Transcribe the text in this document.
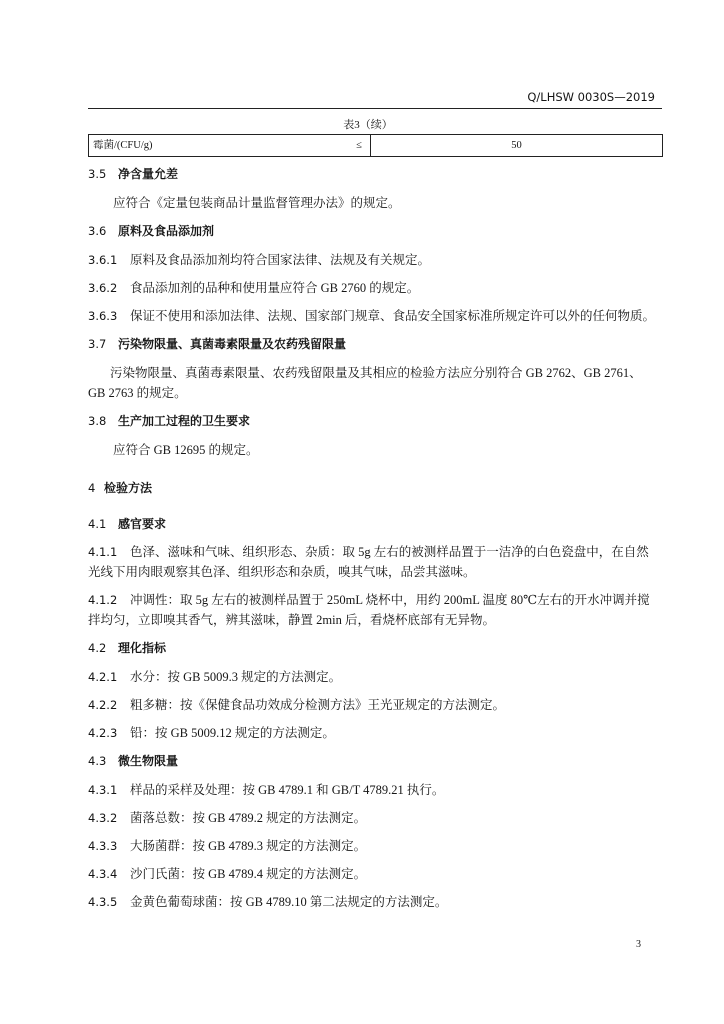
Q/LHSW 0030S—2019
表3（续）
霉菌/(CFU/g)	≤	50
3.5 净含量允差
应符合《定量包装商品计量监督管理办法》的规定。
3.6 原料及食品添加剂
3.6.1 原料及食品添加剂均符合国家法律、法规及有关规定。
3.6.2 食品添加剂的品种和使用量应符合 GB 2760 的规定。
3.6.3 保证不使用和添加法律、法规、国家部门规章、食品安全国家标准所规定许可以外的任何物质。
3.7 污染物限量、真菌毒素限量及农药残留限量
污染物限量、真菌毒素限量、农药残留限量及其相应的检验方法应分别符合 GB 2762、GB 2761、
GB 2763 的规定。
3.8 生产加工过程的卫生要求
应符合 GB 12695 的规定。
4 检验方法
4.1 感官要求
4.1.1 色泽、滋味和气味、组织形态、杂质：取 5g 左右的被测样品置于一洁净的白色瓷盘中，在自然
光线下用肉眼观察其色泽、组织形态和杂质，嗅其气味，品尝其滋味。
4.1.2 冲调性：取 5g 左右的被测样品置于 250mL 烧杯中，用约 200mL 温度 80℃左右的开水冲调并搅
拌均匀，立即嗅其香气，辨其滋味，静置 2min 后，看烧杯底部有无异物。
4.2 理化指标
4.2.1 水分：按 GB 5009.3 规定的方法测定。
4.2.2 粗多糖：按《保健食品功效成分检测方法》王光亚规定的方法测定。
4.2.3 铅：按 GB 5009.12 规定的方法测定。
4.3 微生物限量
4.3.1 样品的采样及处理：按 GB 4789.1 和 GB/T 4789.21 执行。
4.3.2 菌落总数：按 GB 4789.2 规定的方法测定。
4.3.3 大肠菌群：按 GB 4789.3 规定的方法测定。
4.3.4 沙门氏菌：按 GB 4789.4 规定的方法测定。
4.3.5 金黄色葡萄球菌：按 GB 4789.10 第二法规定的方法测定。
3
